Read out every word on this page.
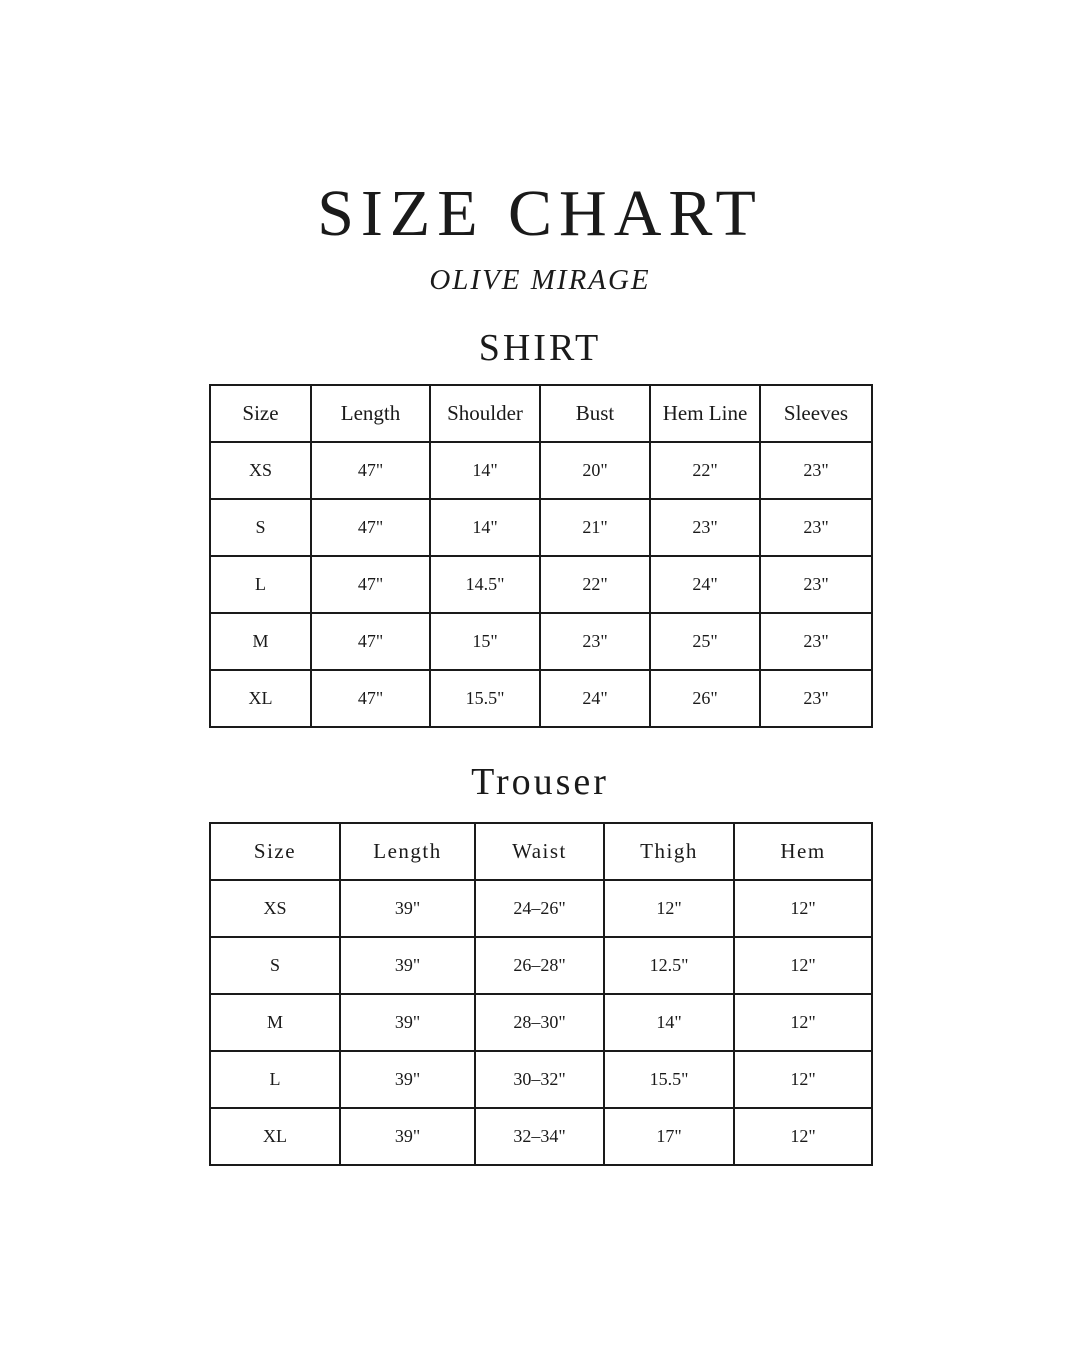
SIZE CHART
OLIVE MIRAGE
SHIRT
Size	Length	Shoulder	Bust	Hem Line	Sleeves
XS	47"	14"	20"	22"	23"
S	47"	14"	21"	23"	23"
L	47"	14.5"	22"	24"	23"
M	47"	15"	23"	25"	23"
XL	47"	15.5"	24"	26"	23"
Trouser
Size	Length	Waist	Thigh	Hem
XS	39"	24–26"	12"	12"
S	39"	26–28"	12.5"	12"
M	39"	28–30"	14"	12"
L	39"	30–32"	15.5"	12"
XL	39"	32–34"	17"	12"
